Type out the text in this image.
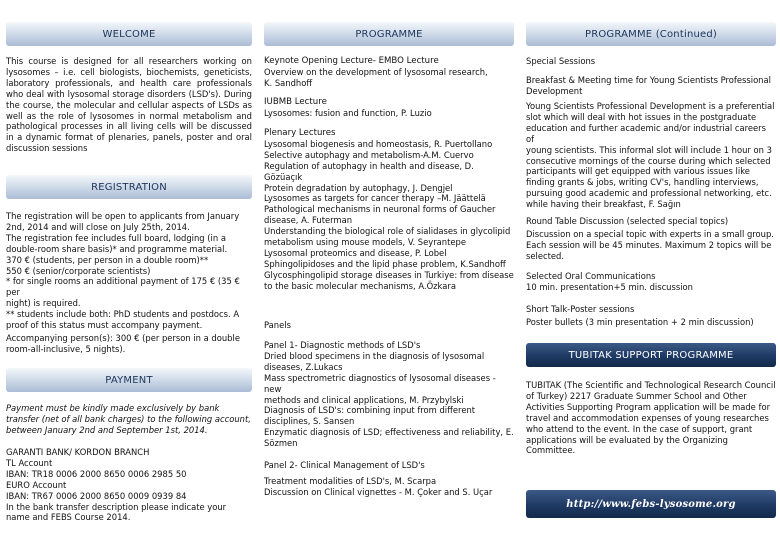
WELCOME

This course is designed for all researchers working on lysosomes – i.e. cell biologists, biochemists, geneticists, laboratory professionals, and health care professionals who deal with lysosomal storage disorders (LSD's). During the course, the molecular and cellular aspects of LSDs as well as the role of lysosomes in normal metabolism and pathological processes in all living cells will be discussed in a dynamic format of plenaries, panels, poster and oral discussion sessions

REGISTRATION

The registration will be open to applicants from January

2nd, 2014 and will close on July 25th, 2014.

The registration fee includes full board, lodging (in a

double-room share basis)* and programme material.

370 € (students, per person in a double room)**

550 € (senior/corporate scientists)

* for single rooms an additional payment of 175 € (35 € per

night) is required.

** students include both: PhD students and postdocs. A

proof of this status must accompany payment.

Accompanying person(s): 300 € (per person in a double

room-all-inclusive, 5 nights).

PAYMENT

Payment must be kindly made exclusively by bank

transfer (net of all bank charges) to the following account,

between January 2nd and September 1st, 2014.

GARANTI BANK/ KORDON BRANCH

TL Account

IBAN: TR18 0006 2000 8650 0006 2985 50

EURO Account

IBAN: TR67 0006 2000 8650 0009 0939 84

In the bank transfer description please indicate your

name and FEBS Course 2014.

PROGRAMME

Keynote Opening Lecture- EMBO Lecture

Overview on the development of lysosomal research,

K. Sandhoff

IUBMB Lecture

Lysosomes: fusion and function, P. Luzio

Plenary Lectures

Lysosomal biogenesis and homeostasis, R. Puertollano

Selective autophagy and metabolism-A.M. Cuervo

Regulation of autophagy in health and disease, D. Gözüaçık

Protein degradation by autophagy, J. Dengjel

Lysosomes as targets for cancer therapy –M. Jäättelä

Pathological mechanisms in neuronal forms of Gaucher

disease, A. Futerman

Understanding the biological role of sialidases in glycolipid

metabolism using mouse models, V. Seyrantepe

Lysosomal proteomics and disease, P. Lobel

Sphingolipidoses and the lipid phase problem, K.Sandhoff

Glycosphingolipid storage diseases in Turkiye: from disease

to the basic molecular mechanisms, A.Özkara

Panels

Panel 1- Diagnostic methods of LSD's

Dried blood specimens in the diagnosis of lysosomal

diseases, Z.Lukacs

Mass spectrometric diagnostics of lysosomal diseases - new

methods and clinical applications, M. Przybylski

Diagnosis of LSD's: combining input from different

disciplines, S. Sansen

Enzymatic diagnosis of LSD; effectiveness and reliability, E.

Sözmen

Panel 2- Clinical Management of LSD's

Treatment modalities of LSD's, M. Scarpa

Discussion on Clinical vignettes - M. Çoker and S. Uçar

PROGRAMME (Continued)

Special Sessions

Breakfast & Meeting time for Young Scientists Professional

Development

Young Scientists Professional Development is a preferential

slot which will deal with hot issues in the postgraduate

education and further academic and/or industrial careers of

young scientists. This informal slot will include 1 hour on 3

consecutive mornings of the course during which selected

participants will get equipped with various issues like

finding grants & jobs, writing CV's, handling interviews,

pursuing good academic and professional networking, etc.

while having their breakfast, F. Sağın

Round Table Discussion (selected special topics)

Discussion on a special topic with experts in a small group.

Each session will be 45 minutes. Maximum 2 topics will be

selected.

Selected Oral Communications

10 min. presentation+5 min. discussion

Short Talk-Poster sessions

Poster bullets (3 min presentation + 2 min discussion)

TUBITAK SUPPORT PROGRAMME

TUBITAK (The Scientific and Technological Research Council

of Turkey) 2217 Graduate Summer School and Other

Activities Supporting Program application will be made for

travel and accommodation expenses of young researches

who attend to the event. In the case of support, grant

applications will be evaluated by the Organizing

Committee.

http://www.febs-lysosome.org
